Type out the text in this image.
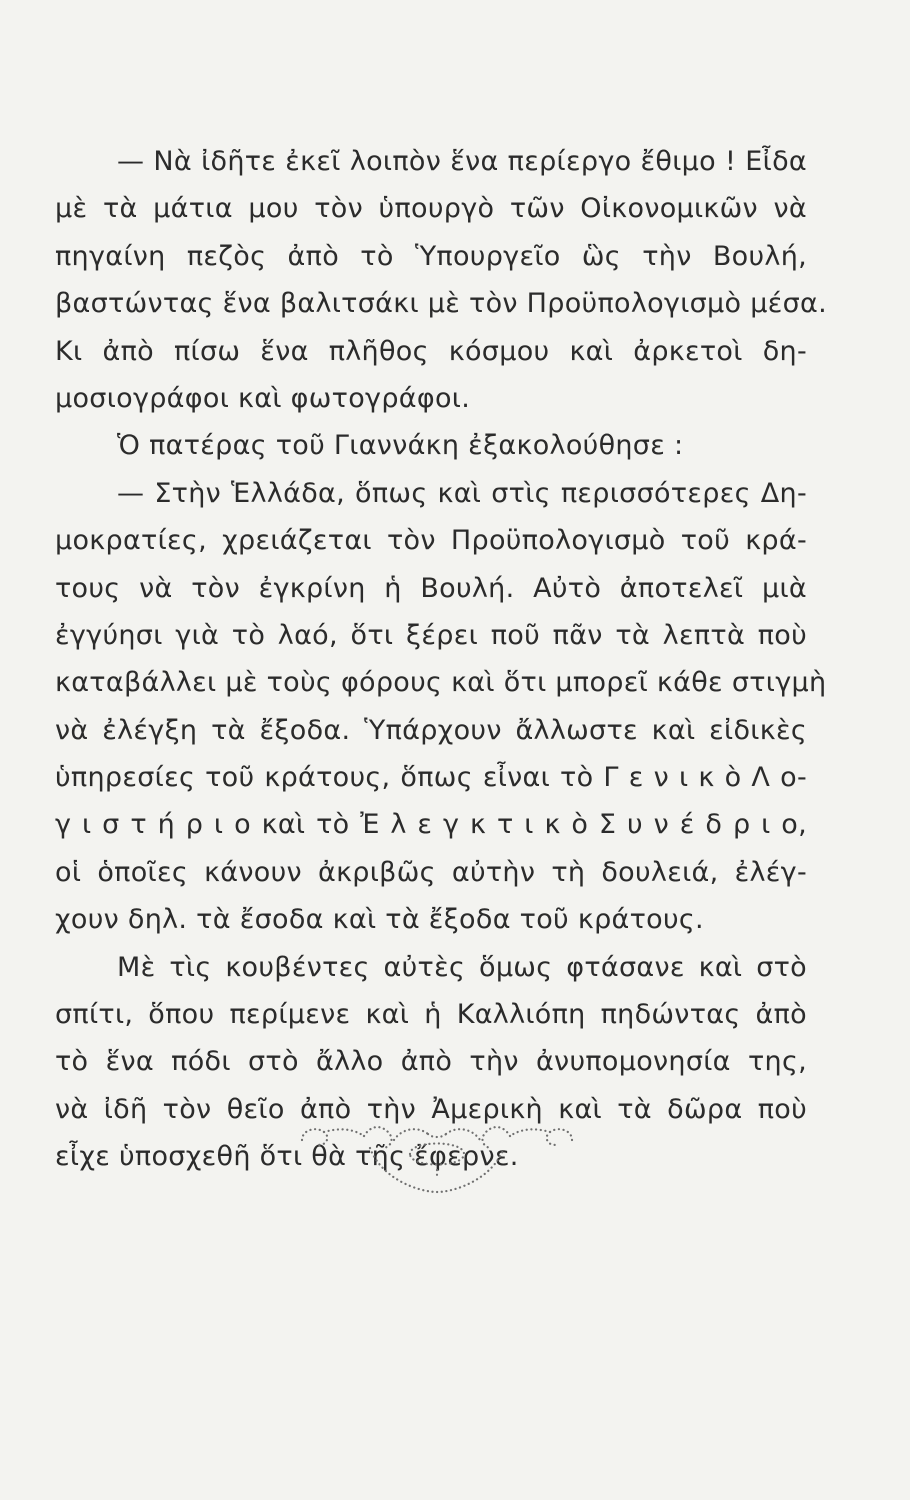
— Νὰ ἰδῆτε ἐκεῖ λοιπὸν ἕνα περίεργο ἔθιμο ! Εἶδα
μὲ τὰ μάτια μου τὸν ὑπουργὸ τῶν Οἰκονομικῶν νὰ
πηγαίνη πεζὸς ἀπὸ τὸ Ὑπουργεῖο ὣς τὴν Βουλή,
βαστώντας ἕνα βαλιτσάκι μὲ τὸν Προϋπολογισμὸ μέσα.
Κι ἀπὸ πίσω ἕνα πλῆθος κόσμου καὶ ἀρκετοὶ δη-
μοσιογράφοι καὶ φωτογράφοι.
Ὁ πατέρας τοῦ Γιαννάκη ἐξακολούθησε :
— Στὴν Ἑλλάδα, ὅπως καὶ στὶς περισσότερες Δη-
μοκρατίες, χρειάζεται τὸν Προϋπολογισμὸ τοῦ κρά-
τους νὰ τὸν ἐγκρίνη ἡ Βουλή. Αὐτὸ ἀποτελεῖ μιὰ
ἐγγύησι γιὰ τὸ λαό, ὅτι ξέρει ποῦ πᾶν τὰ λεπτὰ ποὺ
καταβάλλει μὲ τοὺς φόρους καὶ ὅτι μπορεῖ κάθε στιγμὴ
νὰ ἐλέγξη τὰ ἔξοδα. Ὑπάρχουν ἄλλωστε καὶ εἰδικὲς
ὑπηρεσίες τοῦ κράτους, ὅπως εἶναι τὸ Γ ε ν ι κ ὸ Λ ο-
γ ι σ τ ή ρ ι ο καὶ τὸ Ἐ λ ε γ κ τ ι κ ὸ Σ υ ν έ δ ρ ι ο,
οἱ ὁποῖες κάνουν ἀκριβῶς αὐτὴν τὴ δουλειά, ἐλέγ-
χουν δηλ. τὰ ἔσοδα καὶ τὰ ἔξοδα τοῦ κράτους.
Μὲ τὶς κουβέντες αὐτὲς ὅμως φτάσανε καὶ στὸ
σπίτι, ὅπου περίμενε καὶ ἡ Καλλιόπη πηδώντας ἀπὸ
τὸ ἕνα πόδι στὸ ἄλλο ἀπὸ τὴν ἀνυπομονησία της,
νὰ ἰδῆ τὸν θεῖο ἀπὸ τὴν Ἀμερικὴ καὶ τὰ δῶρα ποὺ
εἶχε ὑποσχεθῆ ὅτι θὰ τῆς ἔφερνε.
